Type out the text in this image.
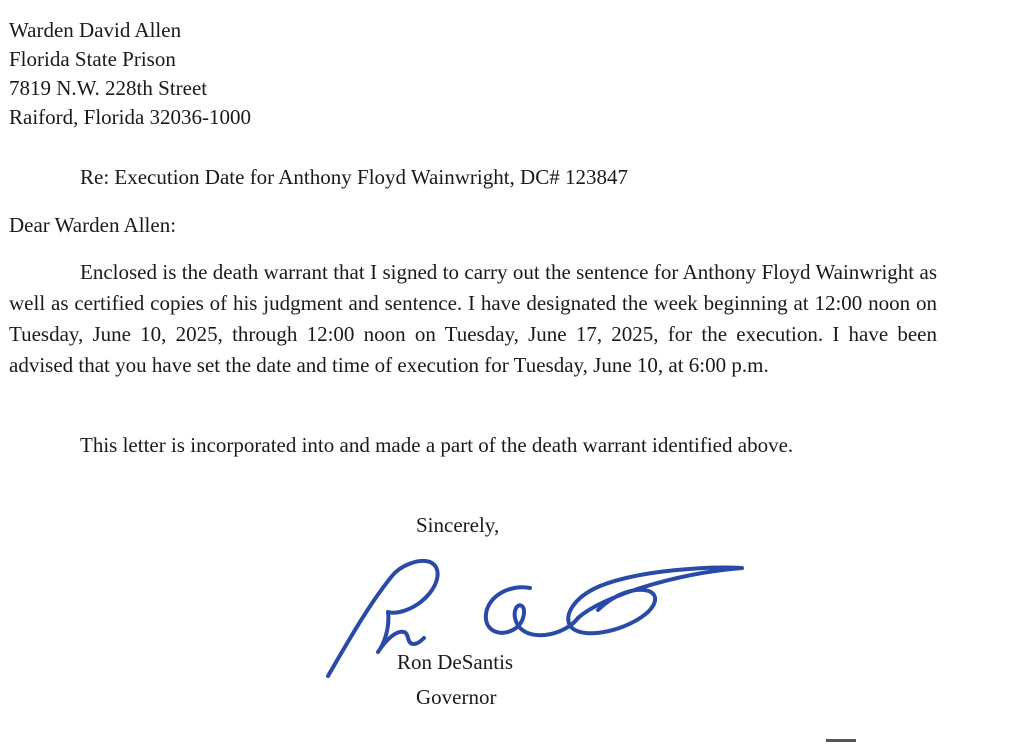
Warden David Allen
Florida State Prison
7819 N.W. 228th Street
Raiford, Florida 32036-1000
Re: Execution Date for Anthony Floyd Wainwright, DC# 123847
Dear Warden Allen:
Enclosed is the death warrant that I signed to carry out the sentence for Anthony Floyd Wainwright as well as certified copies of his judgment and sentence. I have designated the week beginning at 12:00 noon on Tuesday, June 10, 2025, through 12:00 noon on Tuesday, June 17, 2025, for the execution. I have been advised that you have set the date and time of execution for Tuesday, June 10, at 6:00 p.m.
This letter is incorporated into and made a part of the death warrant identified above.
Sincerely,
Ron DeSantis
Governor
